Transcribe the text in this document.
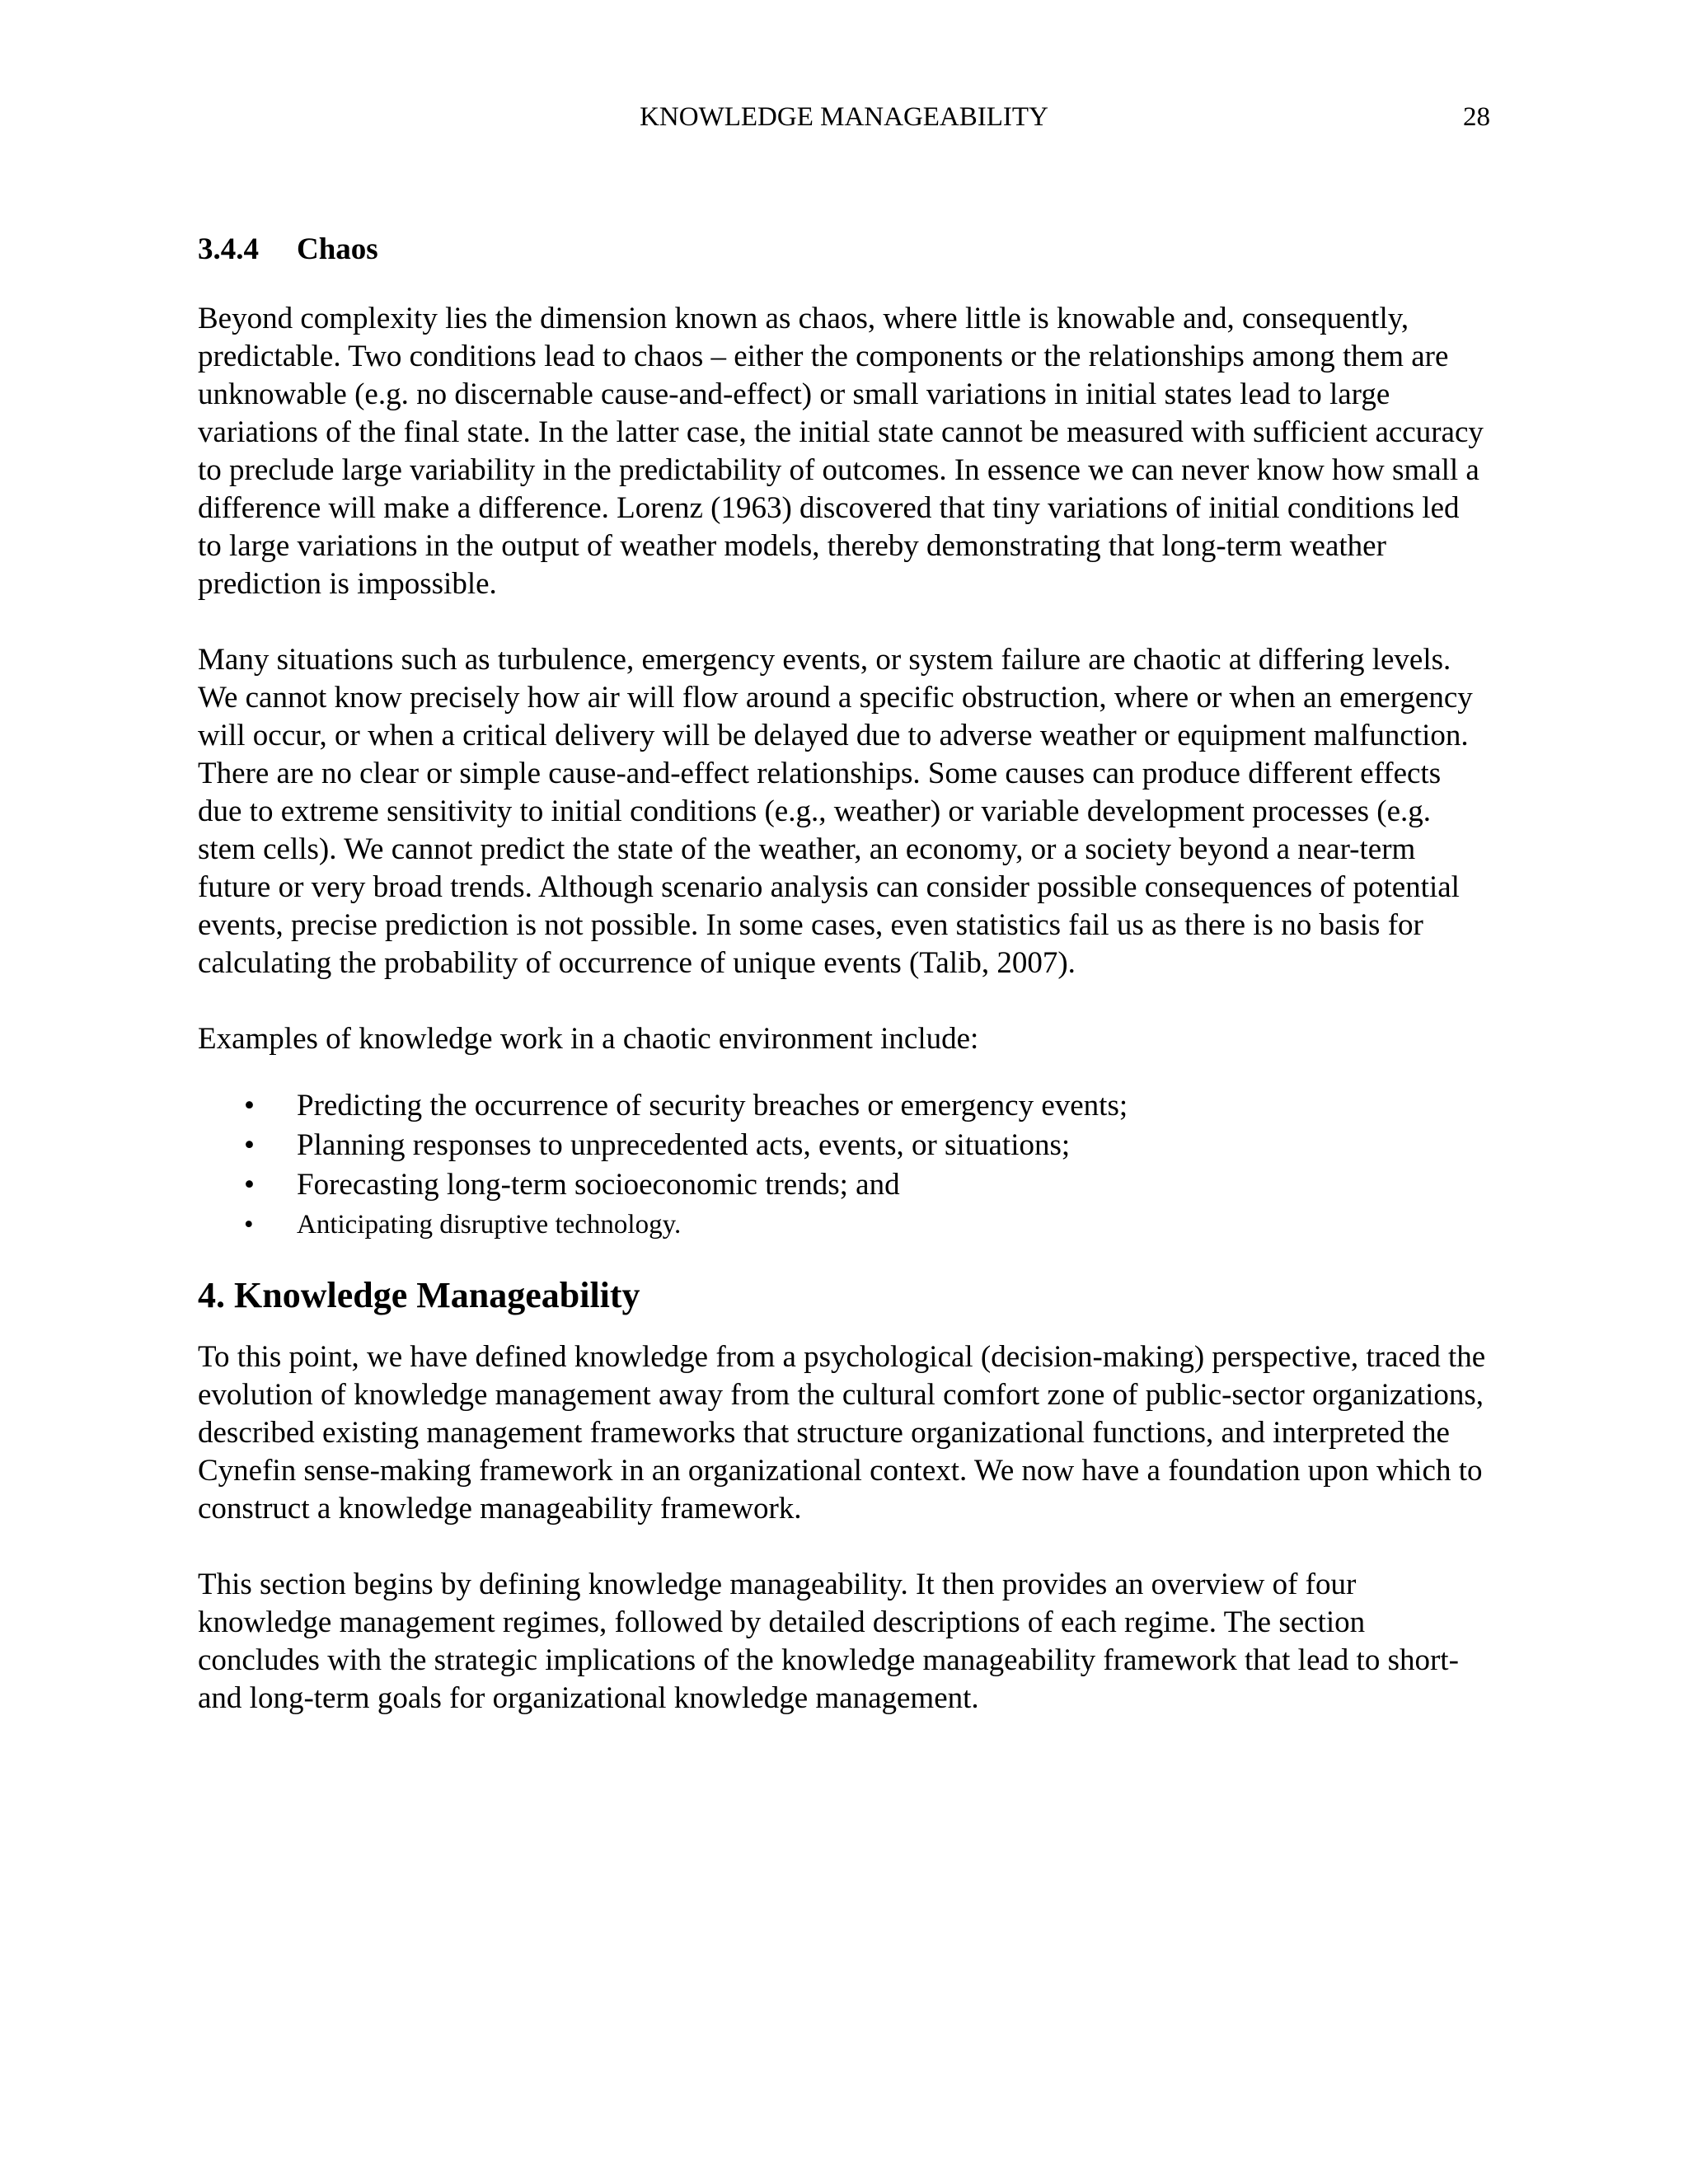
KNOWLEDGE MANAGEABILITY	28
3.4.4 Chaos

Beyond complexity lies the dimension known as chaos, where little is knowable and, consequently, predictable. Two conditions lead to chaos – either the components or the relationships among them are unknowable (e.g. no discernable cause-and-effect) or small variations in initial states lead to large variations of the final state. In the latter case, the initial state cannot be measured with sufficient accuracy to preclude large variability in the predictability of outcomes. In essence we can never know how small a difference will make a difference. Lorenz (1963) discovered that tiny variations of initial conditions led to large variations in the output of weather models, thereby demonstrating that long-term weather prediction is impossible.

Many situations such as turbulence, emergency events, or system failure are chaotic at differing levels. We cannot know precisely how air will flow around a specific obstruction, where or when an emergency will occur, or when a critical delivery will be delayed due to adverse weather or equipment malfunction. There are no clear or simple cause-and-effect relationships. Some causes can produce different effects due to extreme sensitivity to initial conditions (e.g., weather) or variable development processes (e.g. stem cells). We cannot predict the state of the weather, an economy, or a society beyond a near-term future or very broad trends. Although scenario analysis can consider possible consequences of potential events, precise prediction is not possible. In some cases, even statistics fail us as there is no basis for calculating the probability of occurrence of unique events (Talib, 2007).

Examples of knowledge work in a chaotic environment include:

• Predicting the occurrence of security breaches or emergency events;
• Planning responses to unprecedented acts, events, or situations;
• Forecasting long-term socioeconomic trends; and
• Anticipating disruptive technology.
4. Knowledge Manageability

To this point, we have defined knowledge from a psychological (decision-making) perspective, traced the evolution of knowledge management away from the cultural comfort zone of public-sector organizations, described existing management frameworks that structure organizational functions, and interpreted the Cynefin sense-making framework in an organizational context. We now have a foundation upon which to construct a knowledge manageability framework.

This section begins by defining knowledge manageability. It then provides an overview of four knowledge management regimes, followed by detailed descriptions of each regime. The section concludes with the strategic implications of the knowledge manageability framework that lead to short-and long-term goals for organizational knowledge management.
